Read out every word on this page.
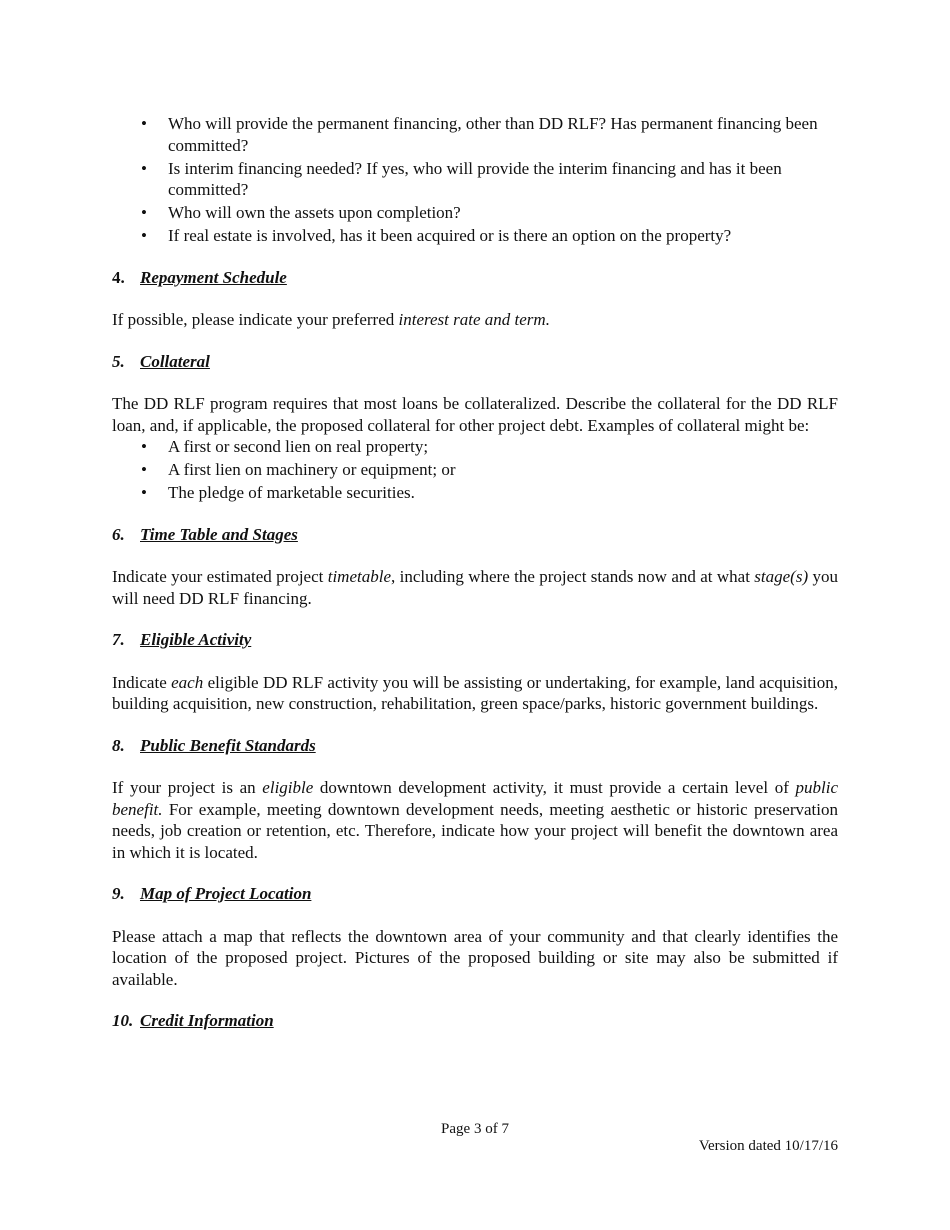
• Who will provide the permanent financing, other than DD RLF? Has permanent financing been committed?
• Is interim financing needed? If yes, who will provide the interim financing and has it been committed?
• Who will own the assets upon completion?
• If real estate is involved, has it been acquired or is there an option on the property?
4. Repayment Schedule

If possible, please indicate your preferred interest rate and term.

5. Collateral

The DD RLF program requires that most loans be collateralized. Describe the collateral for the DD RLF loan, and, if applicable, the proposed collateral for other project debt. Examples of collateral might be:

• A first or second lien on real property;
• A first lien on machinery or equipment; or
• The pledge of marketable securities.
6. Time Table and Stages

Indicate your estimated project timetable, including where the project stands now and at what stage(s) you will need DD RLF financing.

7. Eligible Activity

Indicate each eligible DD RLF activity you will be assisting or undertaking, for example, land acquisition, building acquisition, new construction, rehabilitation, green space/parks, historic government buildings.

8. Public Benefit Standards

If your project is an eligible downtown development activity, it must provide a certain level of public benefit. For example, meeting downtown development needs, meeting aesthetic or historic preservation needs, job creation or retention, etc. Therefore, indicate how your project will benefit the downtown area in which it is located.

9. Map of Project Location

Please attach a map that reflects the downtown area of your community and that clearly identifies the location of the proposed project. Pictures of the proposed building or site may also be submitted if available.

10. Credit Information
Page 3 of 7
Version dated 10/17/16
